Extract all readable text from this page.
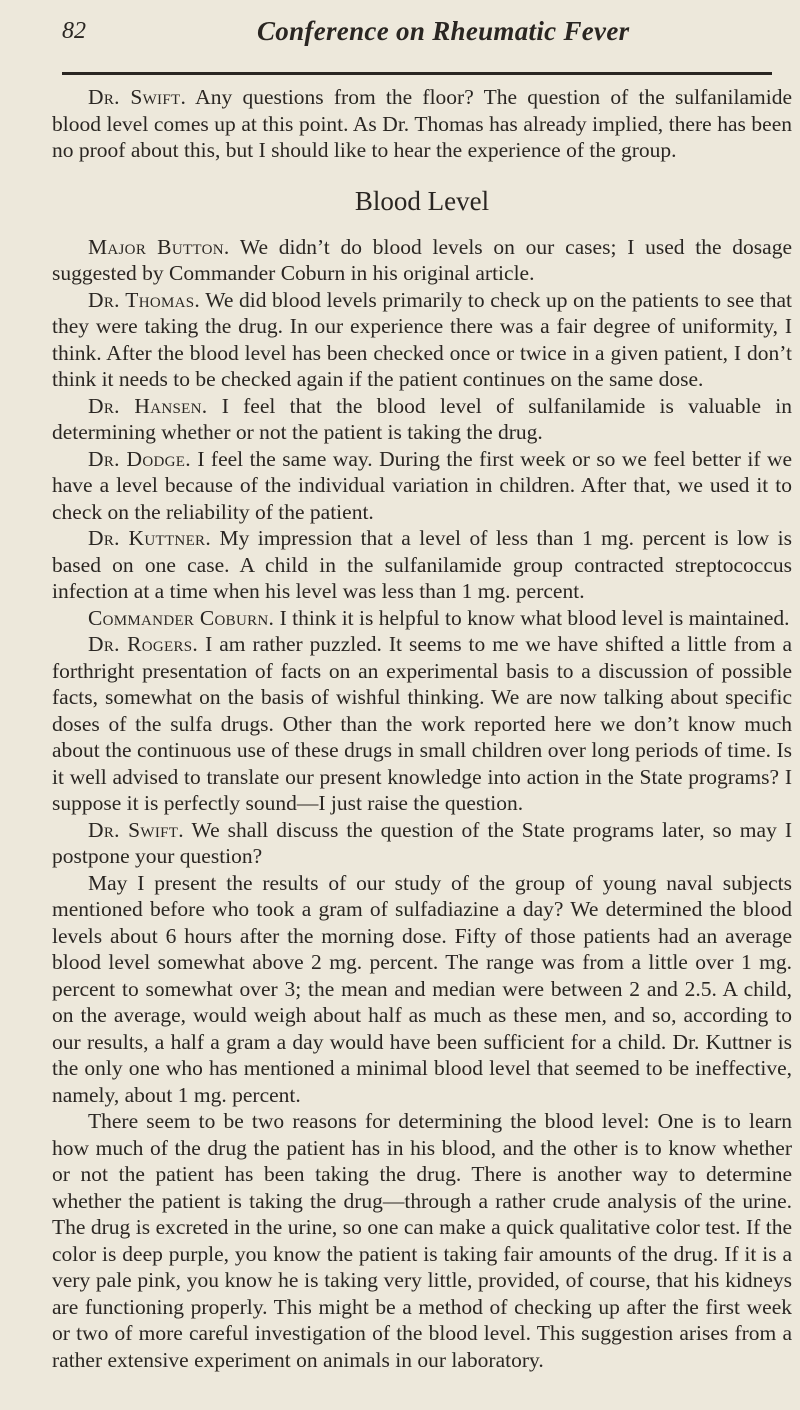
82	Conference on Rheumatic Fever

Dr. Swift. Any questions from the floor? The question of the sulfanilamide blood level comes up at this point. As Dr. Thomas has already implied, there has been no proof about this, but I should like to hear the experience of the group.

Blood Level

Major Button. We didn’t do blood levels on our cases; I used the dosage suggested by Commander Coburn in his original article.

Dr. Thomas. We did blood levels primarily to check up on the patients to see that they were taking the drug. In our experience there was a fair degree of uniformity, I think. After the blood level has been checked once or twice in a given patient, I don’t think it needs to be checked again if the patient continues on the same dose.

Dr. Hansen. I feel that the blood level of sulfanilamide is valuable in determining whether or not the patient is taking the drug.

Dr. Dodge. I feel the same way. During the first week or so we feel better if we have a level because of the individual variation in children. After that, we used it to check on the reliability of the patient.

Dr. Kuttner. My impression that a level of less than 1 mg. percent is low is based on one case. A child in the sulfanilamide group contracted streptococcus infection at a time when his level was less than 1 mg. percent.

Commander Coburn. I think it is helpful to know what blood level is maintained.

Dr. Rogers. I am rather puzzled. It seems to me we have shifted a little from a forthright presentation of facts on an experimental basis to a discussion of possible facts, somewhat on the basis of wishful thinking. We are now talking about specific doses of the sulfa drugs. Other than the work reported here we don’t know much about the continuous use of these drugs in small children over long periods of time. Is it well advised to translate our present knowledge into action in the State programs? I suppose it is perfectly sound—I just raise the question.

Dr. Swift. We shall discuss the question of the State programs later, so may I postpone your question?

May I present the results of our study of the group of young naval subjects mentioned before who took a gram of sulfadiazine a day? We determined the blood levels about 6 hours after the morning dose. Fifty of those patients had an average blood level somewhat above 2 mg. percent. The range was from a little over 1 mg. percent to somewhat over 3; the mean and median were between 2 and 2.5. A child, on the average, would weigh about half as much as these men, and so, according to our results, a half a gram a day would have been sufficient for a child. Dr. Kuttner is the only one who has mentioned a minimal blood level that seemed to be ineffective, namely, about 1 mg. percent.

There seem to be two reasons for determining the blood level: One is to learn how much of the drug the patient has in his blood, and the other is to know whether or not the patient has been taking the drug. There is another way to determine whether the patient is taking the drug—through a rather crude analysis of the urine. The drug is excreted in the urine, so one can make a quick qualitative color test. If the color is deep purple, you know the patient is taking fair amounts of the drug. If it is a very pale pink, you know he is taking very little, provided, of course, that his kidneys are functioning properly. This might be a method of checking up after the first week or two of more careful investigation of the blood level. This suggestion arises from a rather extensive experiment on animals in our laboratory.
